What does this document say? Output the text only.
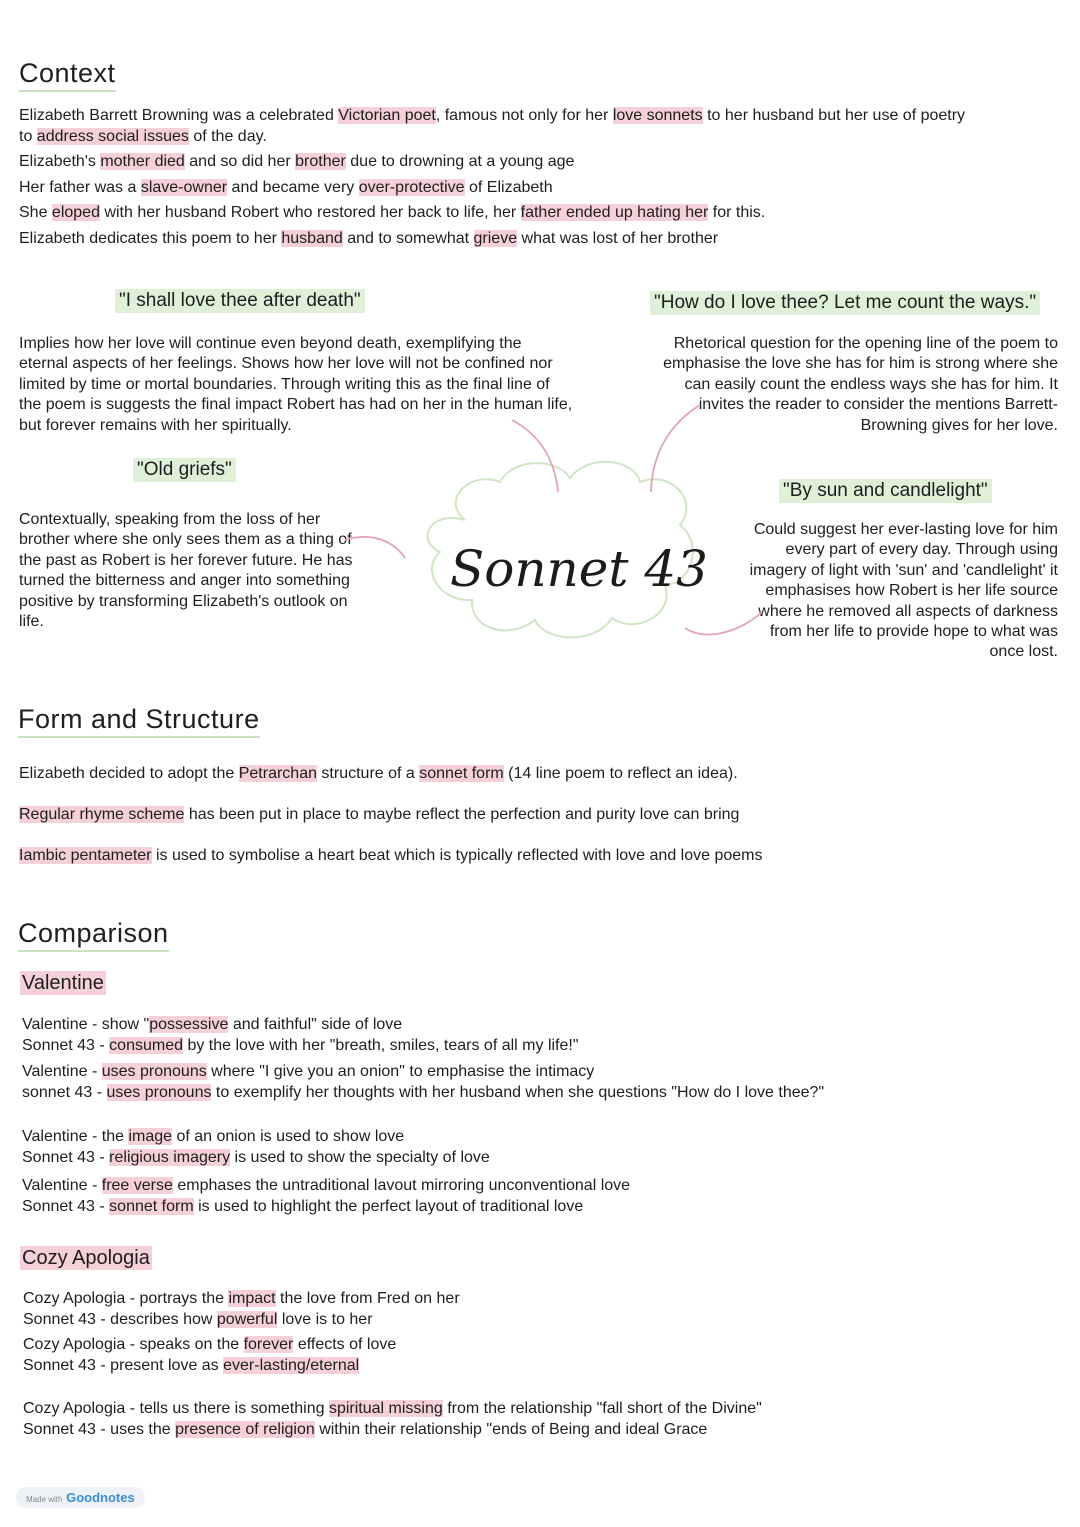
Context
Elizabeth Barrett Browning was a celebrated Victorian poet, famous not only for her love sonnets to her husband but her use of poetry
to address social issues of the day.
Elizabeth's mother died and so did her brother due to drowning at a young age
Her father was a slave-owner and became very over-protective of Elizabeth
She eloped with her husband Robert who restored her back to life, her father ended up hating her for this.
Elizabeth dedicates this poem to her husband and to somewhat grieve what was lost of her brother
"I shall love thee after death"
Implies how her love will continue even beyond death, exemplifying the eternal aspects of her feelings. Shows how her love will not be confined nor limited by time or mortal boundaries. Through writing this as the final line of the poem is suggests the final impact Robert has had on her in the human life, but forever remains with her spiritually.
"How do I love thee? Let me count the ways."
Rhetorical question for the opening line of the poem to emphasise the love she has for him is strong where she can easily count the endless ways she has for him. It invites the reader to consider the mentions Barrett-Browning gives for her love.
"Old griefs"
Contextually, speaking from the loss of her brother where she only sees them as a thing of the past as Robert is her forever future. He has turned the bitterness and anger into something positive by transforming Elizabeth's outlook on life.
"By sun and candlelight"
Could suggest her ever-lasting love for him every part of every day. Through using imagery of light with 'sun' and 'candlelight' it emphasises how Robert is her life source where he removed all aspects of darkness from her life to provide hope to what was once lost.
Sonnet 43
Form and Structure
Elizabeth decided to adopt the Petrarchan structure of a sonnet form (14 line poem to reflect an idea).
Regular rhyme scheme has been put in place to maybe reflect the perfection and purity love can bring
Iambic pentameter is used to symbolise a heart beat which is typically reflected with love and love poems
Comparison
Valentine
Valentine - show "possessive and faithful" side of love
Sonnet 43 - consumed by the love with her "breath, smiles, tears of all my life!"
Valentine - uses pronouns where "I give you an onion" to emphasise the intimacy
sonnet 43 - uses pronouns to exemplify her thoughts with her husband when she questions "How do I love thee?"
Valentine - the image of an onion is used to show love
Sonnet 43 - religious imagery is used to show the specialty of love
Valentine - free verse emphases the untraditional lavout mirroring unconventional love
Sonnet 43 - sonnet form is used to highlight the perfect layout of traditional love
Cozy Apologia
Cozy Apologia - portrays the impact the love from Fred on her
Sonnet 43 - describes how powerful love is to her
Cozy Apologia - speaks on the forever effects of love
Sonnet 43 - present love as ever-lasting/eternal
Cozy Apologia - tells us there is something spiritual missing from the relationship "fall short of the Divine"
Sonnet 43 - uses the presence of religion within their relationship "ends of Being and ideal Grace
Made with Goodnotes
